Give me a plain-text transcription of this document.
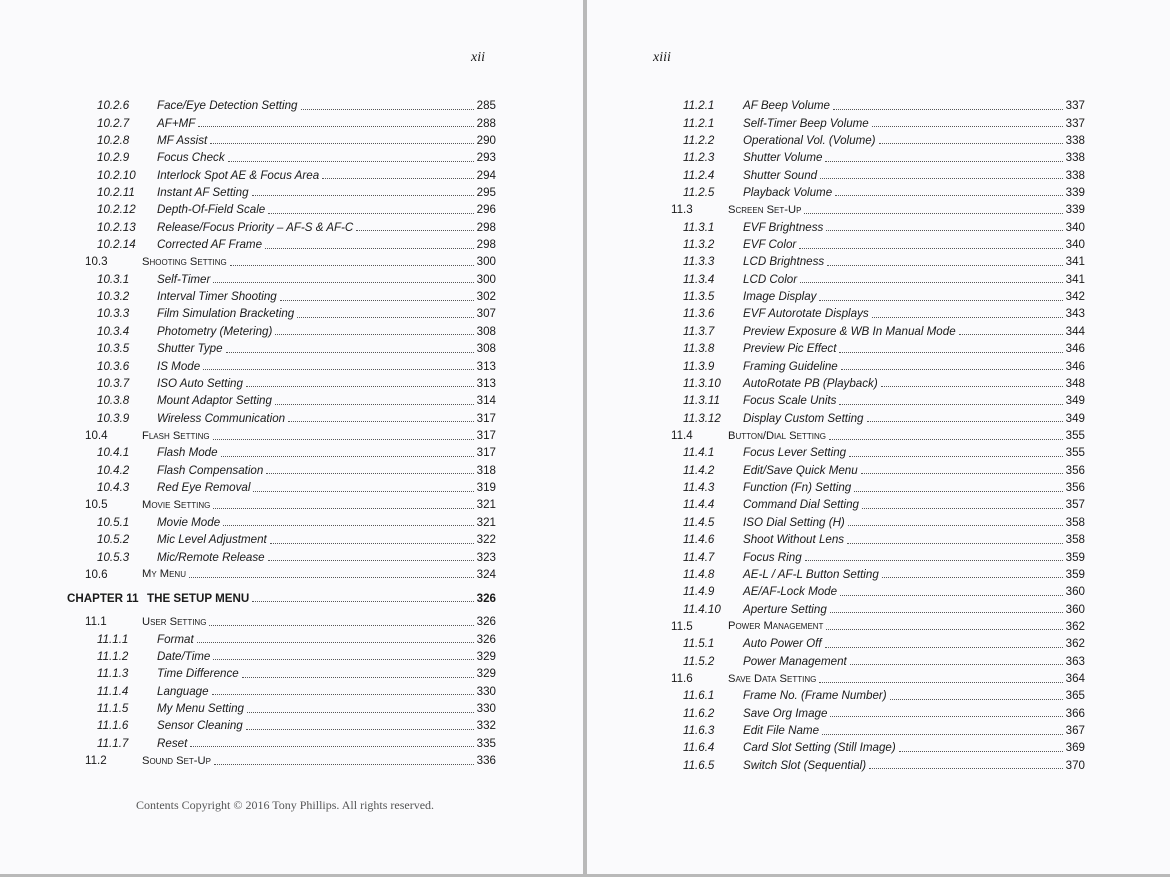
xii
10.2.6	Face/Eye Detection Setting	285
10.2.7	AF+MF	288
10.2.8	MF Assist	290
10.2.9	Focus Check	293
10.2.10	Interlock Spot AE & Focus Area	294
10.2.11	Instant AF Setting	295
10.2.12	Depth-Of-Field Scale	296
10.2.13	Release/Focus Priority – AF-S & AF-C	298
10.2.14	Corrected AF Frame	298
10.3	Shooting Setting	300
10.3.1	Self-Timer	300
10.3.2	Interval Timer Shooting	302
10.3.3	Film Simulation Bracketing	307
10.3.4	Photometry (Metering)	308
10.3.5	Shutter Type	308
10.3.6	IS Mode	313
10.3.7	ISO Auto Setting	313
10.3.8	Mount Adaptor Setting	314
10.3.9	Wireless Communication	317
10.4	Flash Setting	317
10.4.1	Flash Mode	317
10.4.2	Flash Compensation	318
10.4.3	Red Eye Removal	319
10.5	Movie Setting	321
10.5.1	Movie Mode	321
10.5.2	Mic Level Adjustment	322
10.5.3	Mic/Remote Release	323
10.6	My Menu	324
CHAPTER 11 THE SETUP MENU	326
11.1	User Setting	326
11.1.1	Format	326
11.1.2	Date/Time	329
11.1.3	Time Difference	329
11.1.4	Language	330
11.1.5	My Menu Setting	330
11.1.6	Sensor Cleaning	332
11.1.7	Reset	335
11.2	Sound Set-Up	336
Contents Copyright © 2016 Tony Phillips. All rights reserved.
xiii
11.2.1	AF Beep Volume	337
11.2.1	Self-Timer Beep Volume	337
11.2.2	Operational Vol. (Volume)	338
11.2.3	Shutter Volume	338
11.2.4	Shutter Sound	338
11.2.5	Playback Volume	339
11.3	Screen Set-Up	339
11.3.1	EVF Brightness	340
11.3.2	EVF Color	340
11.3.3	LCD Brightness	341
11.3.4	LCD Color	341
11.3.5	Image Display	342
11.3.6	EVF Autorotate Displays	343
11.3.7	Preview Exposure & WB In Manual Mode	344
11.3.8	Preview Pic Effect	346
11.3.9	Framing Guideline	346
11.3.10	AutoRotate PB (Playback)	348
11.3.11	Focus Scale Units	349
11.3.12	Display Custom Setting	349
11.4	Button/Dial Setting	355
11.4.1	Focus Lever Setting	355
11.4.2	Edit/Save Quick Menu	356
11.4.3	Function (Fn) Setting	356
11.4.4	Command Dial Setting	357
11.4.5	ISO Dial Setting (H)	358
11.4.6	Shoot Without Lens	358
11.4.7	Focus Ring	359
11.4.8	AE-L / AF-L Button Setting	359
11.4.9	AE/AF-Lock Mode	360
11.4.10	Aperture Setting	360
11.5	Power Management	362
11.5.1	Auto Power Off	362
11.5.2	Power Management	363
11.6	Save Data Setting	364
11.6.1	Frame No. (Frame Number)	365
11.6.2	Save Org Image	366
11.6.3	Edit File Name	367
11.6.4	Card Slot Setting (Still Image)	369
11.6.5	Switch Slot (Sequential)	370
